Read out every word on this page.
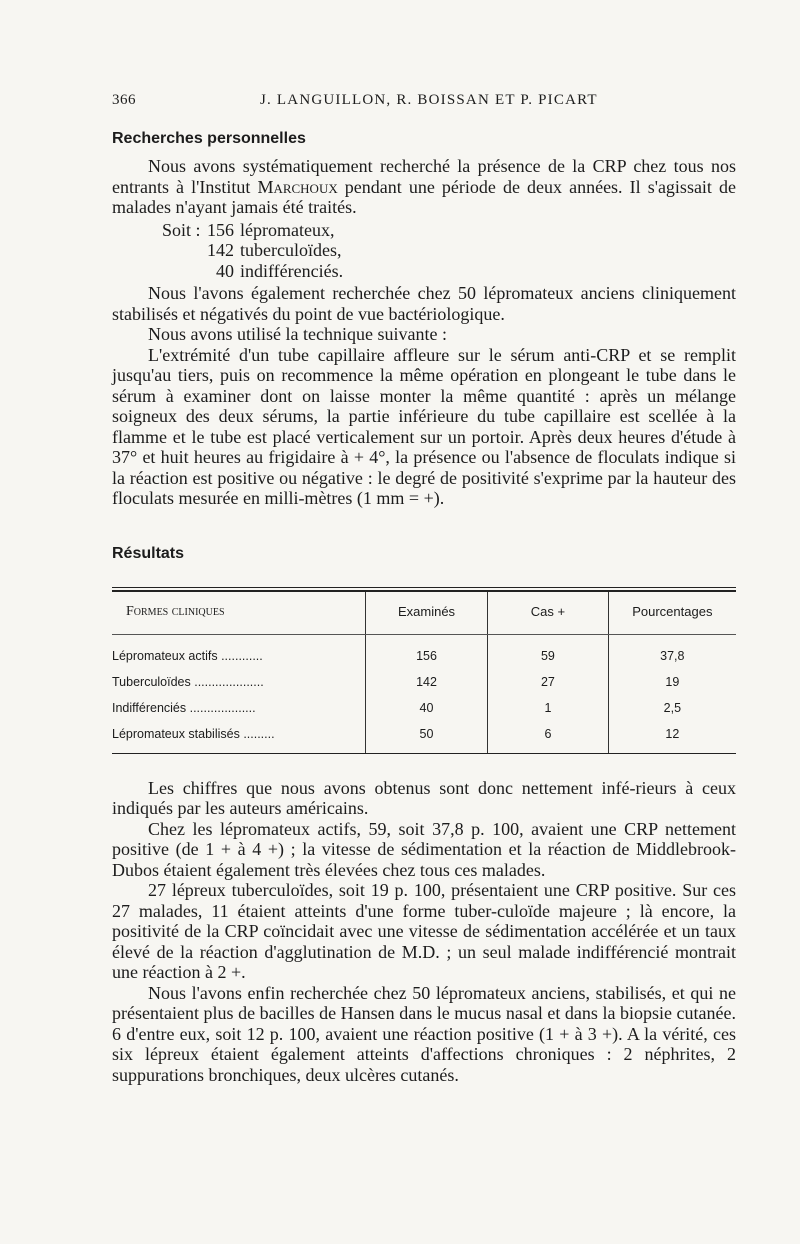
366	J. LANGUILLON, R. BOISSAN ET P. PICART
Recherches personnelles

Nous avons systématiquement recherché la présence de la CRP chez tous nos entrants à l'Institut Marchoux pendant une période de deux années. Il s'agissait de malades n'ayant jamais été traités.

Soit : 156 lépromateux,
142 tuberculoïdes,
40 indifférenciés.

Nous l'avons également recherchée chez 50 lépromateux anciens cliniquement stabilisés et négativés du point de vue bactériologique.

Nous avons utilisé la technique suivante :

L'extrémité d'un tube capillaire affleure sur le sérum anti-CRP et se remplit jusqu'au tiers, puis on recommence la même opération en plongeant le tube dans le sérum à examiner dont on laisse monter la même quantité : après un mélange soigneux des deux sérums, la partie inférieure du tube capillaire est scellée à la flamme et le tube est placé verticalement sur un portoir. Après deux heures d'étude à 37° et huit heures au frigidaire à + 4°, la présence ou l'absence de floculats indique si la réaction est positive ou négative : le degré de positivité s'exprime par la hauteur des floculats mesurée en milli-mètres (1 mm = +).

Résultats
Formes cliniques	Examinés	Cas +	Pourcentages
Lépromateux actifs ............	156	59	37,8
Tuberculoïdes ....................	142	27	19
Indifférenciés ...................	40	1	2,5
Lépromateux stabilisés .........	50	6	12

Les chiffres que nous avons obtenus sont donc nettement infé-rieurs à ceux indiqués par les auteurs américains.

Chez les lépromateux actifs, 59, soit 37,8 p. 100, avaient une CRP nettement positive (de 1 + à 4 +) ; la vitesse de sédimentation et la réaction de Middlebrook-Dubos étaient également très élevées chez tous ces malades.

27 lépreux tuberculoïdes, soit 19 p. 100, présentaient une CRP positive. Sur ces 27 malades, 11 étaient atteints d'une forme tuber-culoïde majeure ; là encore, la positivité de la CRP coïncidait avec une vitesse de sédimentation accélérée et un taux élevé de la réaction d'agglutination de M.D. ; un seul malade indifférencié montrait une réaction à 2 +.

Nous l'avons enfin recherchée chez 50 lépromateux anciens, stabilisés, et qui ne présentaient plus de bacilles de Hansen dans le mucus nasal et dans la biopsie cutanée. 6 d'entre eux, soit 12 p. 100, avaient une réaction positive (1 + à 3 +). A la vérité, ces six lépreux étaient également atteints d'affections chroniques : 2 néphrites, 2 suppurations bronchiques, deux ulcères cutanés.
